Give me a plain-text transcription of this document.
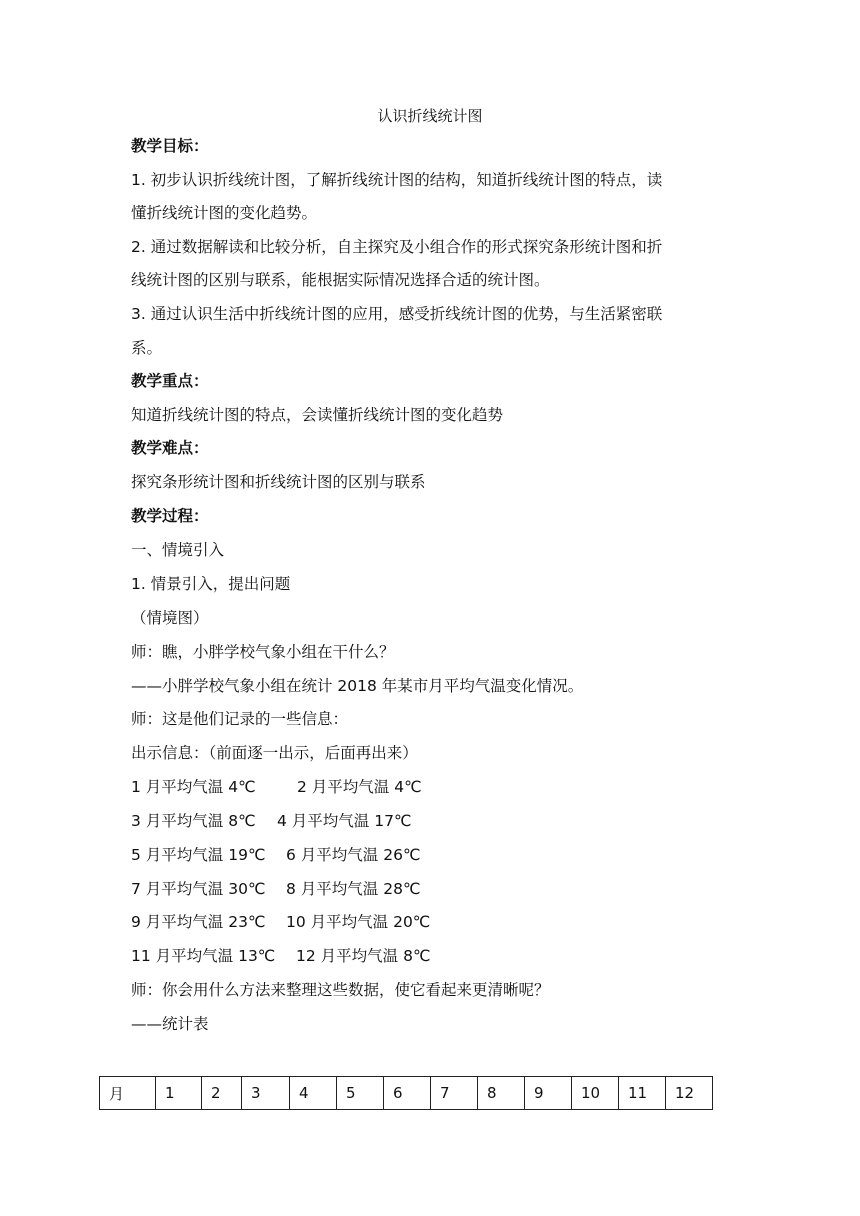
认识折线统计图
教学目标：
1. 初步认识折线统计图，了解折线统计图的结构，知道折线统计图的特点，读
懂折线统计图的变化趋势。
2. 通过数据解读和比较分析，自主探究及小组合作的形式探究条形统计图和折
线统计图的区别与联系，能根据实际情况选择合适的统计图。
3. 通过认识生活中折线统计图的应用，感受折线统计图的优势，与生活紧密联
系。
教学重点：
知道折线统计图的特点，会读懂折线统计图的变化趋势
教学难点：
探究条形统计图和折线统计图的区别与联系
教学过程：
一、情境引入
1. 情景引入，提出问题
（情境图）
师：瞧，小胖学校气象小组在干什么？
——小胖学校气象小组在统计 2018 年某市月平均气温变化情况。
师：这是他们记录的一些信息：
出示信息：（前面逐一出示，后面再出来）
1 月平均气温 4℃	2 月平均气温 4℃
3 月平均气温 8℃	4 月平均气温 17℃
5 月平均气温 19℃	6 月平均气温 26℃
7 月平均气温 30℃	8 月平均气温 28℃
9 月平均气温 23℃	10 月平均气温 20℃
11 月平均气温 13℃	12 月平均气温 8℃
师：你会用什么方法来整理这些数据，使它看起来更清晰呢？
——统计表
月	1	2	3	4	5	6	7	8	9	10	11	12
